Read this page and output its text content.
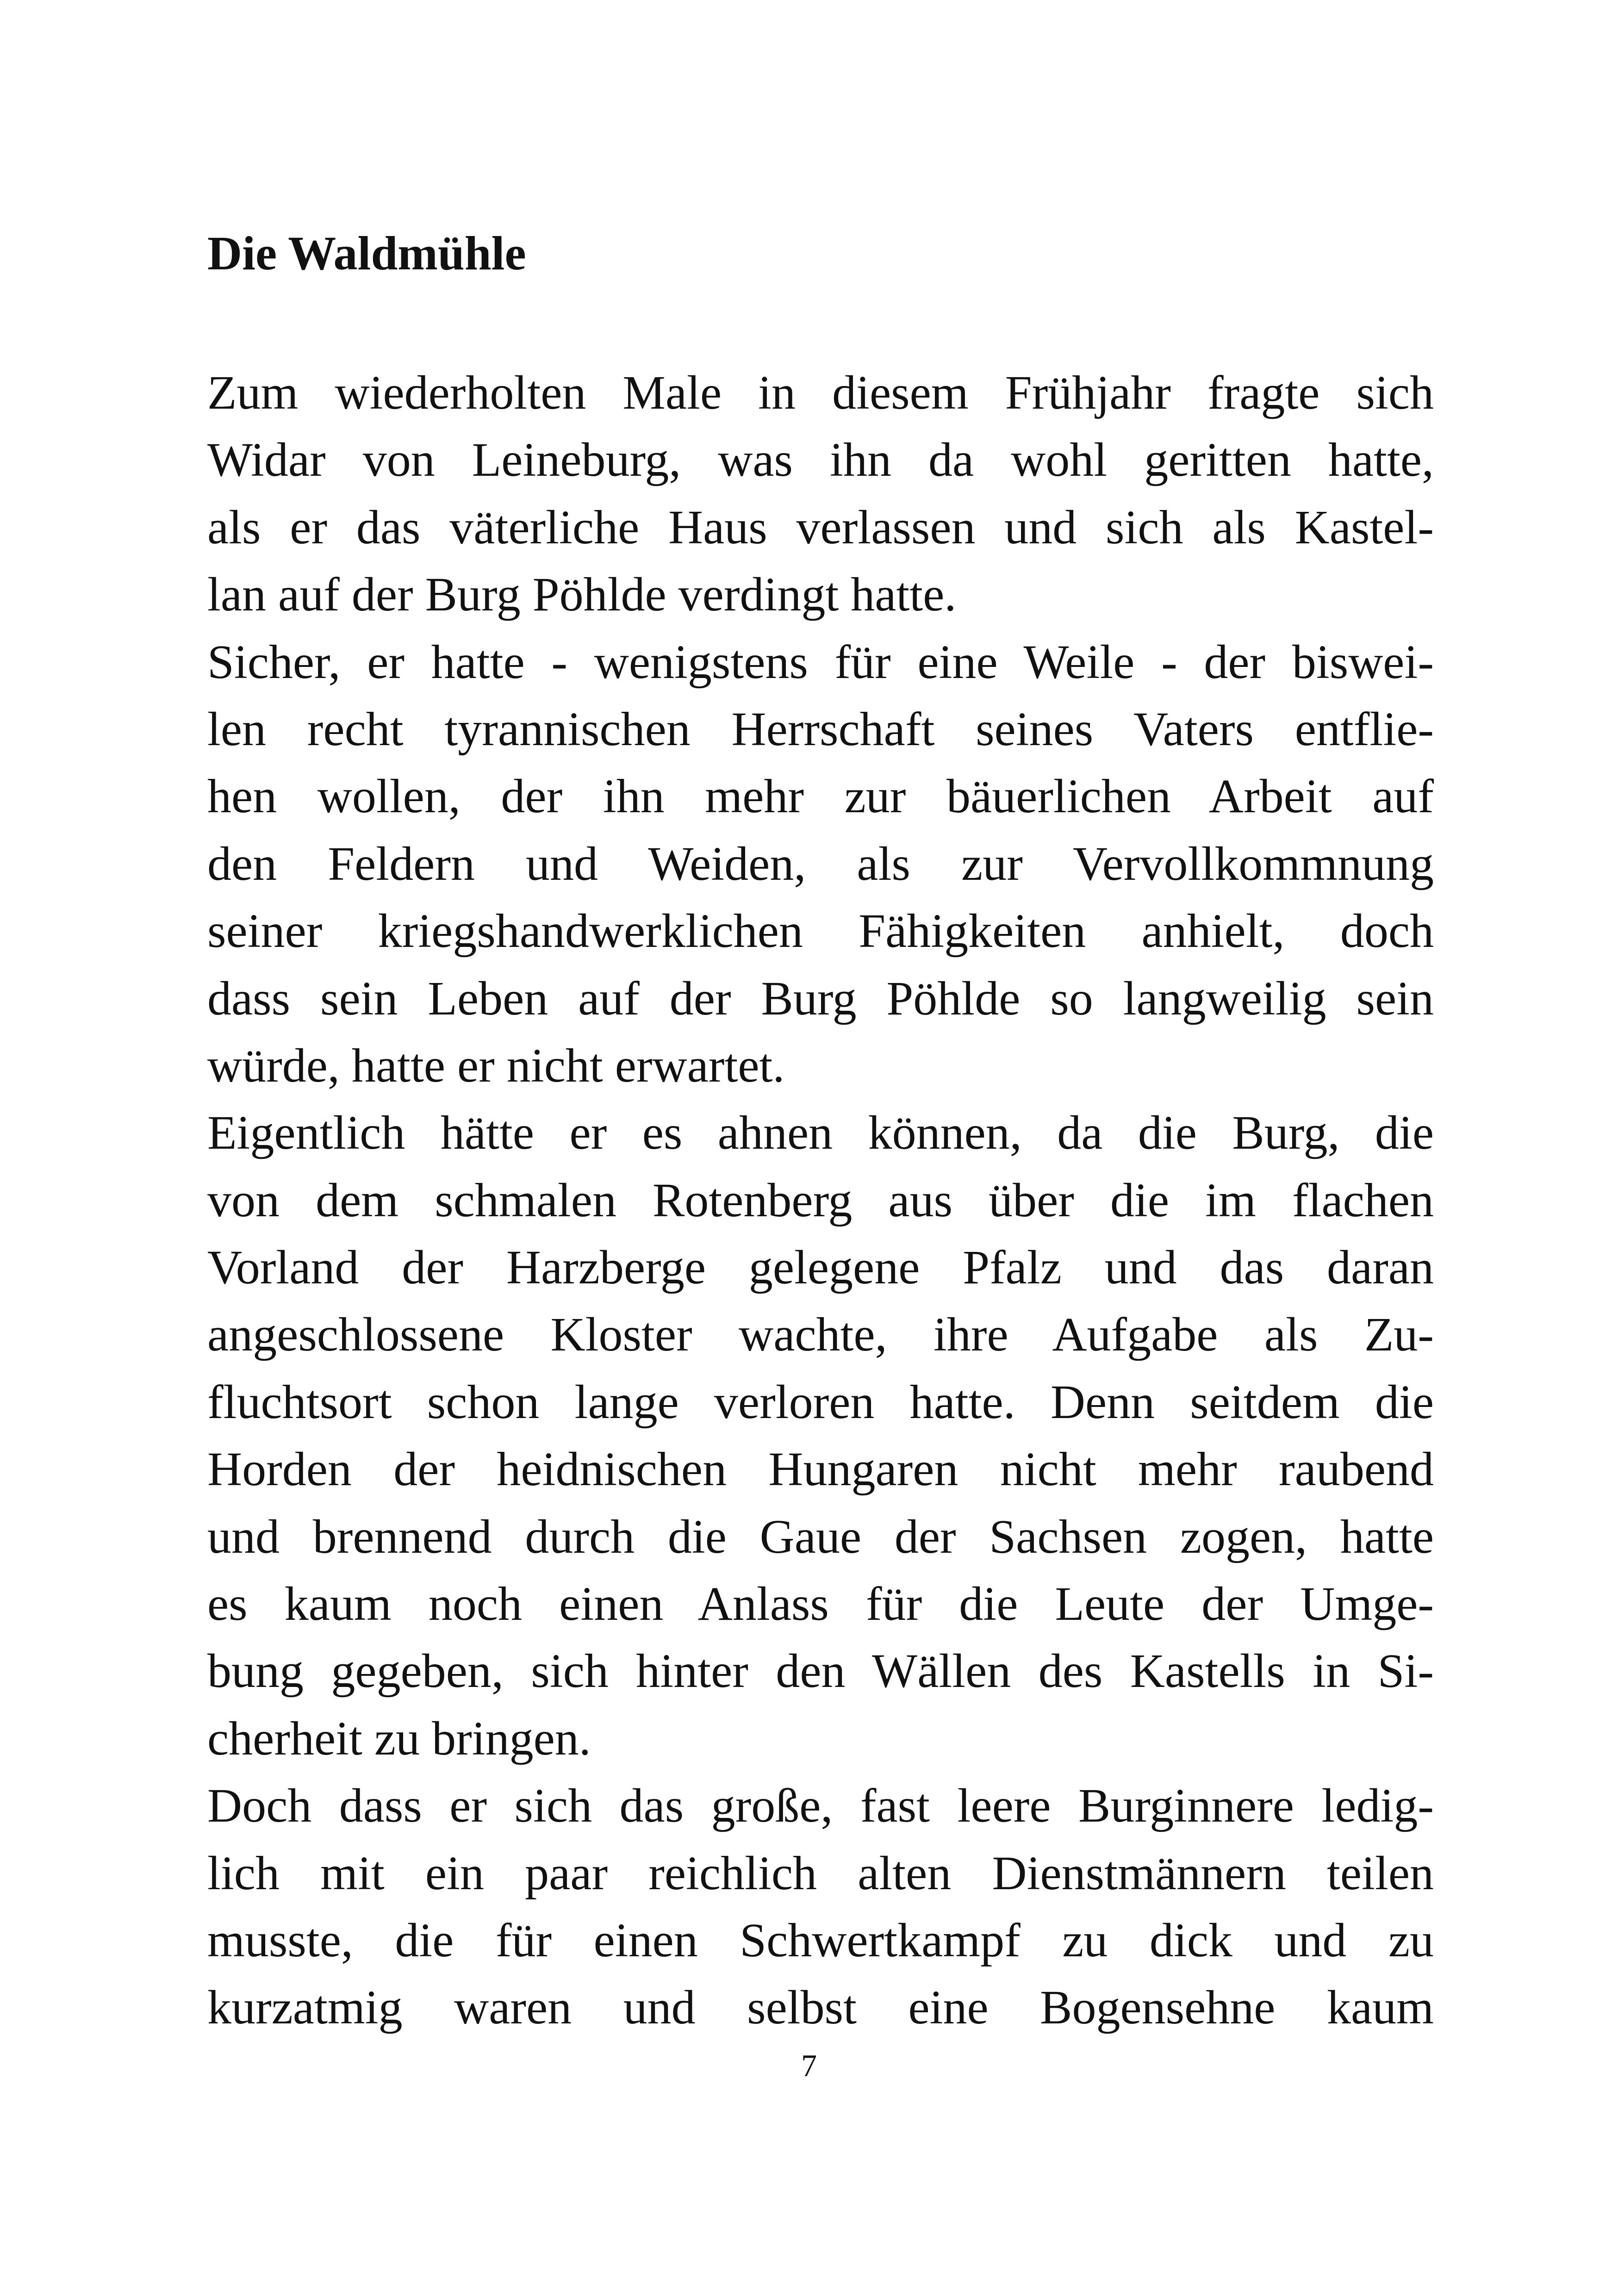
Die Waldmühle
Zum wiederholten Male in diesem Frühjahr fragte sich
Widar von Leineburg, was ihn da wohl geritten hatte,
als er das väterliche Haus verlassen und sich als Kastel-
lan auf der Burg Pöhlde verdingt hatte.
Sicher, er hatte - wenigstens für eine Weile - der biswei-
len recht tyrannischen Herrschaft seines Vaters entflie-
hen wollen, der ihn mehr zur bäuerlichen Arbeit auf
den Feldern und Weiden, als zur Vervollkommnung
seiner kriegshandwerklichen Fähigkeiten anhielt, doch
dass sein Leben auf der Burg Pöhlde so langweilig sein
würde, hatte er nicht erwartet.
Eigentlich hätte er es ahnen können, da die Burg, die
von dem schmalen Rotenberg aus über die im flachen
Vorland der Harzberge gelegene Pfalz und das daran
angeschlossene Kloster wachte, ihre Aufgabe als Zu-
fluchtsort schon lange verloren hatte. Denn seitdem die
Horden der heidnischen Hungaren nicht mehr raubend
und brennend durch die Gaue der Sachsen zogen, hatte
es kaum noch einen Anlass für die Leute der Umge-
bung gegeben, sich hinter den Wällen des Kastells in Si-
cherheit zu bringen.
Doch dass er sich das große, fast leere Burginnere ledig-
lich mit ein paar reichlich alten Dienstmännern teilen
musste, die für einen Schwertkampf zu dick und zu
kurzatmig waren und selbst eine Bogensehne kaum
7
